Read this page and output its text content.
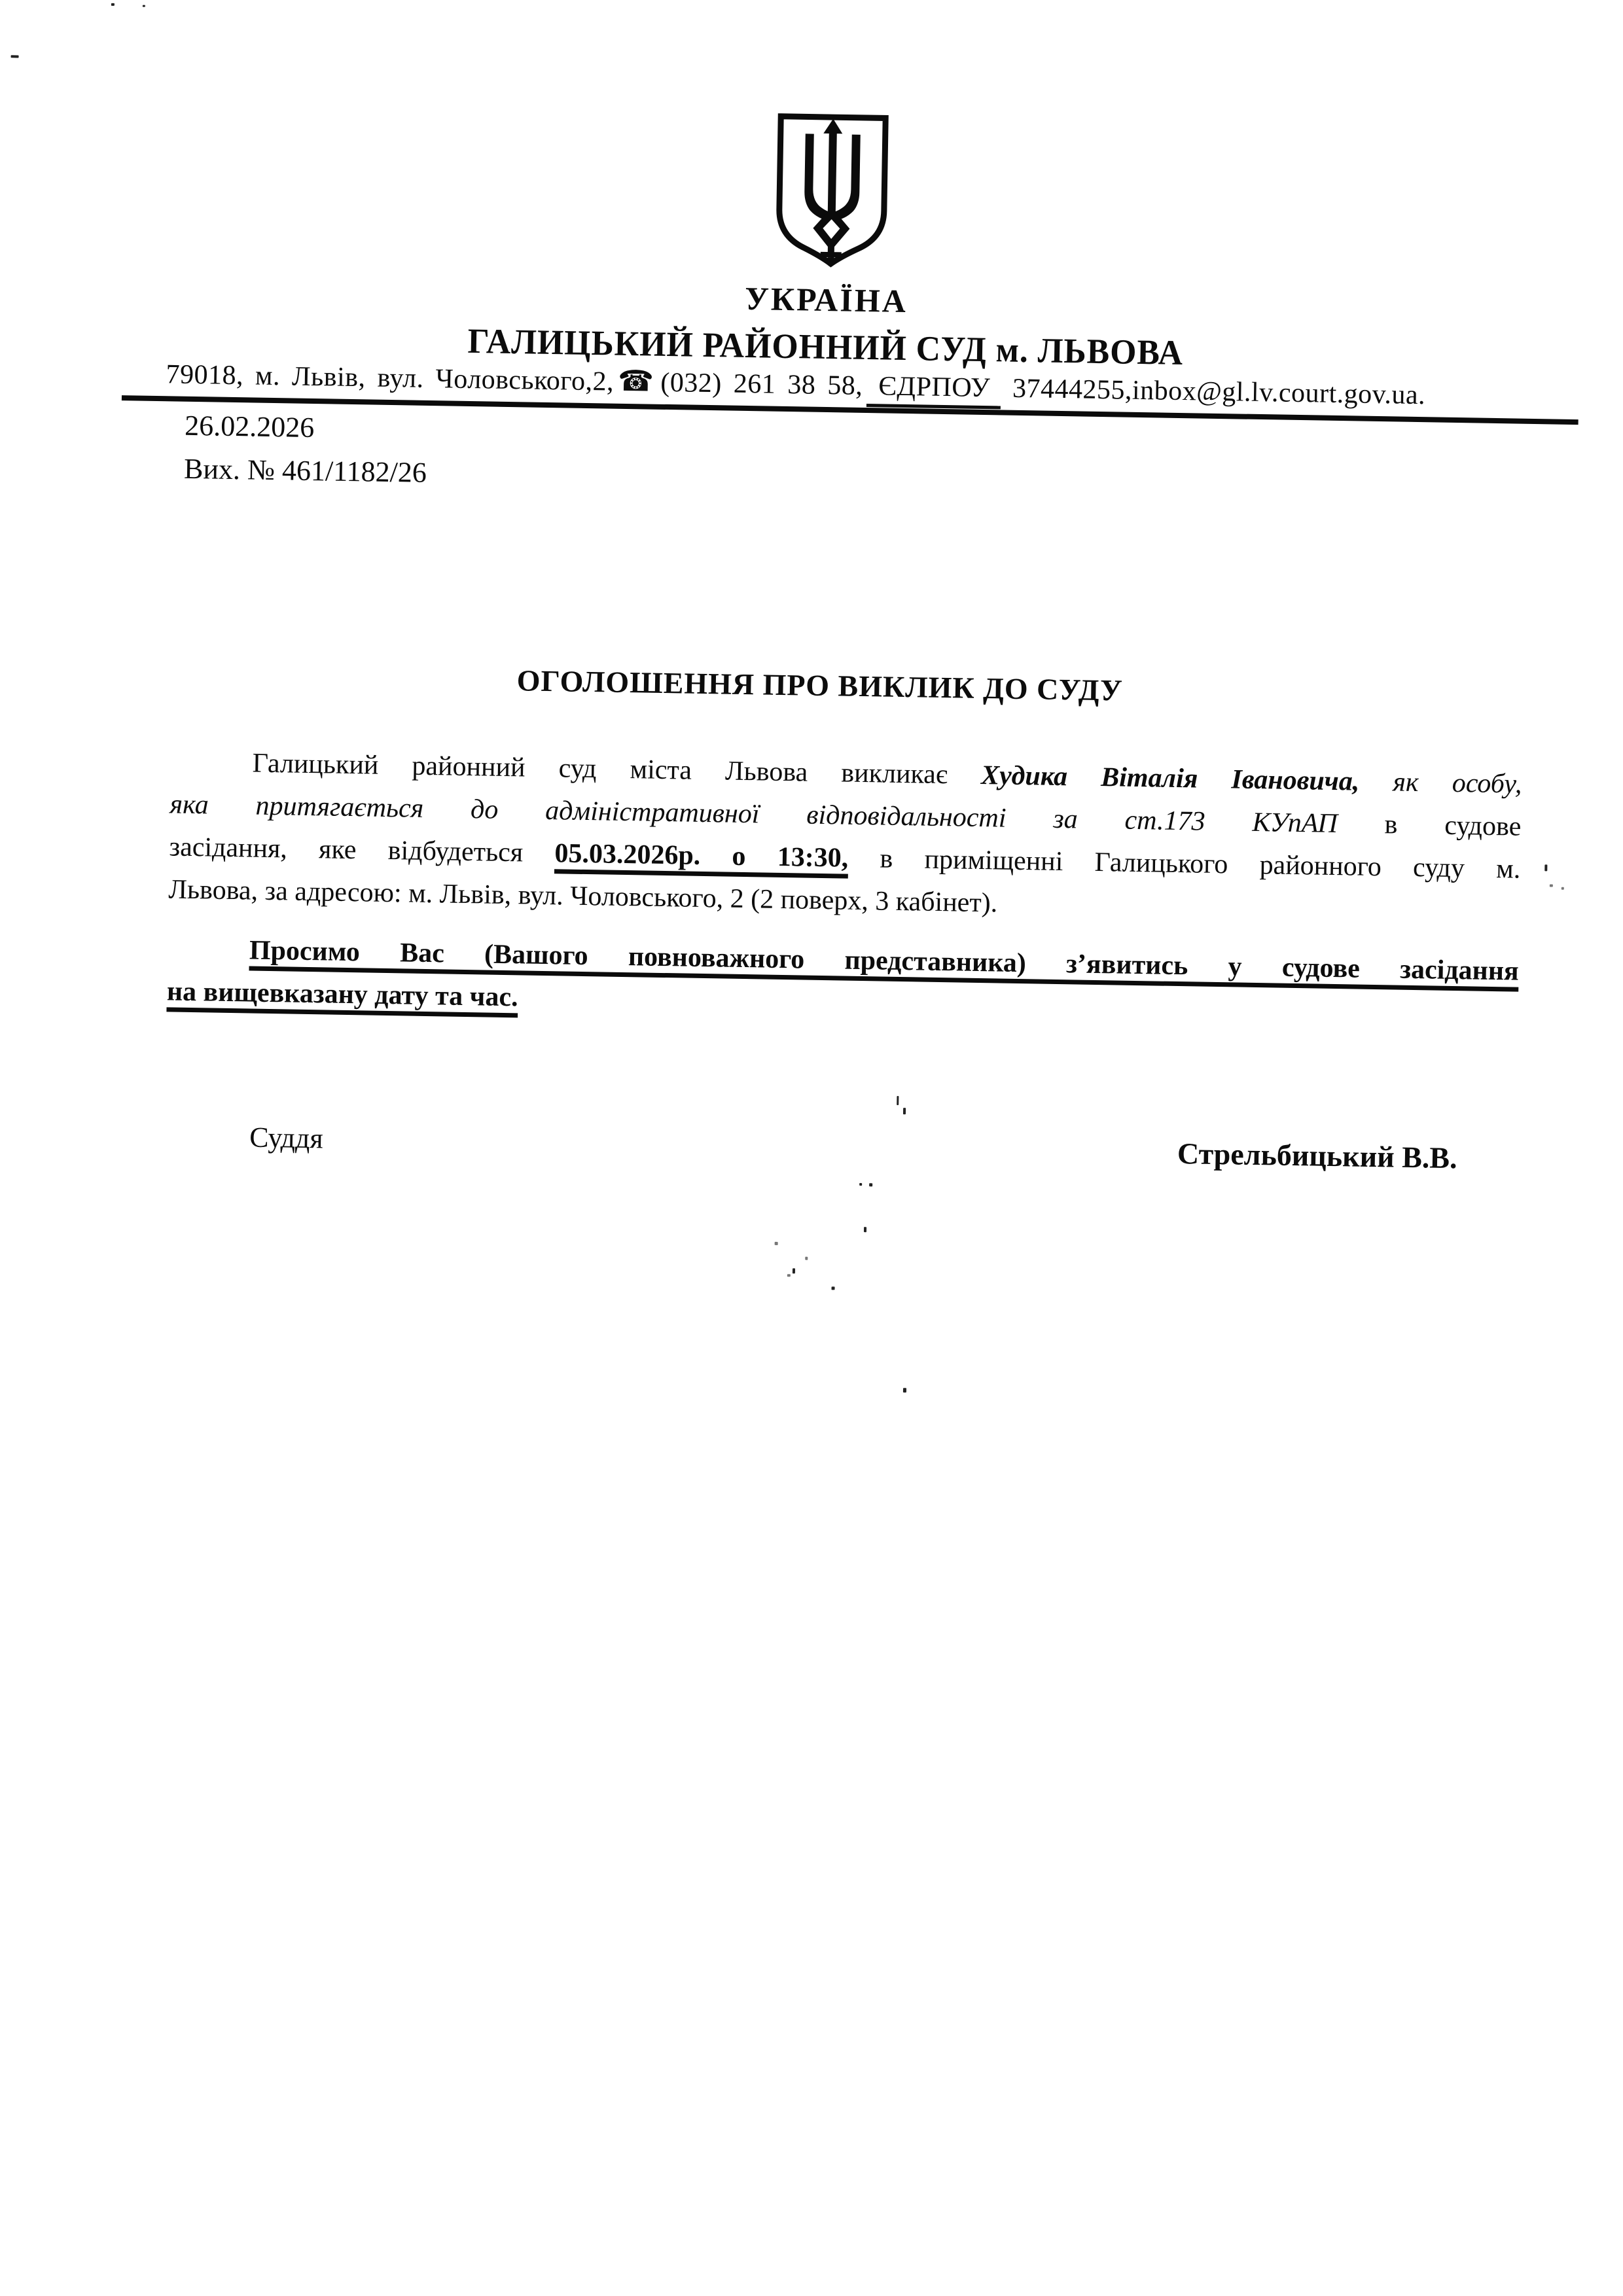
УКРАЇНА
ГАЛИЦЬКИЙ РАЙОННИЙ СУД м. ЛЬВОВА
79018, м. Львів, вул. Чоловського,2, ☎ (032) 261 38 58, ЄДРПОУ 37444255,inbox@gl.lv.court.gov.ua.
26.02.2026
Вих. № 461/1182/26
ОГОЛОШЕННЯ ПРО ВИКЛИК ДО СУДУ
Галицький районний суд міста Львова викликає Худика Віталія Івановича, як особу,
яка притягається до адміністративної відповідальності за ст.173 КУпАП в судове
засідання, яке відбудеться 05.03.2026р. о 13:30, в приміщенні Галицького районного суду м.
Львова, за адресою: м. Львів, вул. Чоловського, 2 (2 поверх, 3 кабінет).
Просимо Вас (Вашого повноважного представника) з’явитись у судове засідання
на вищевказану дату та час.
Суддя	Стрельбицький В.В.
